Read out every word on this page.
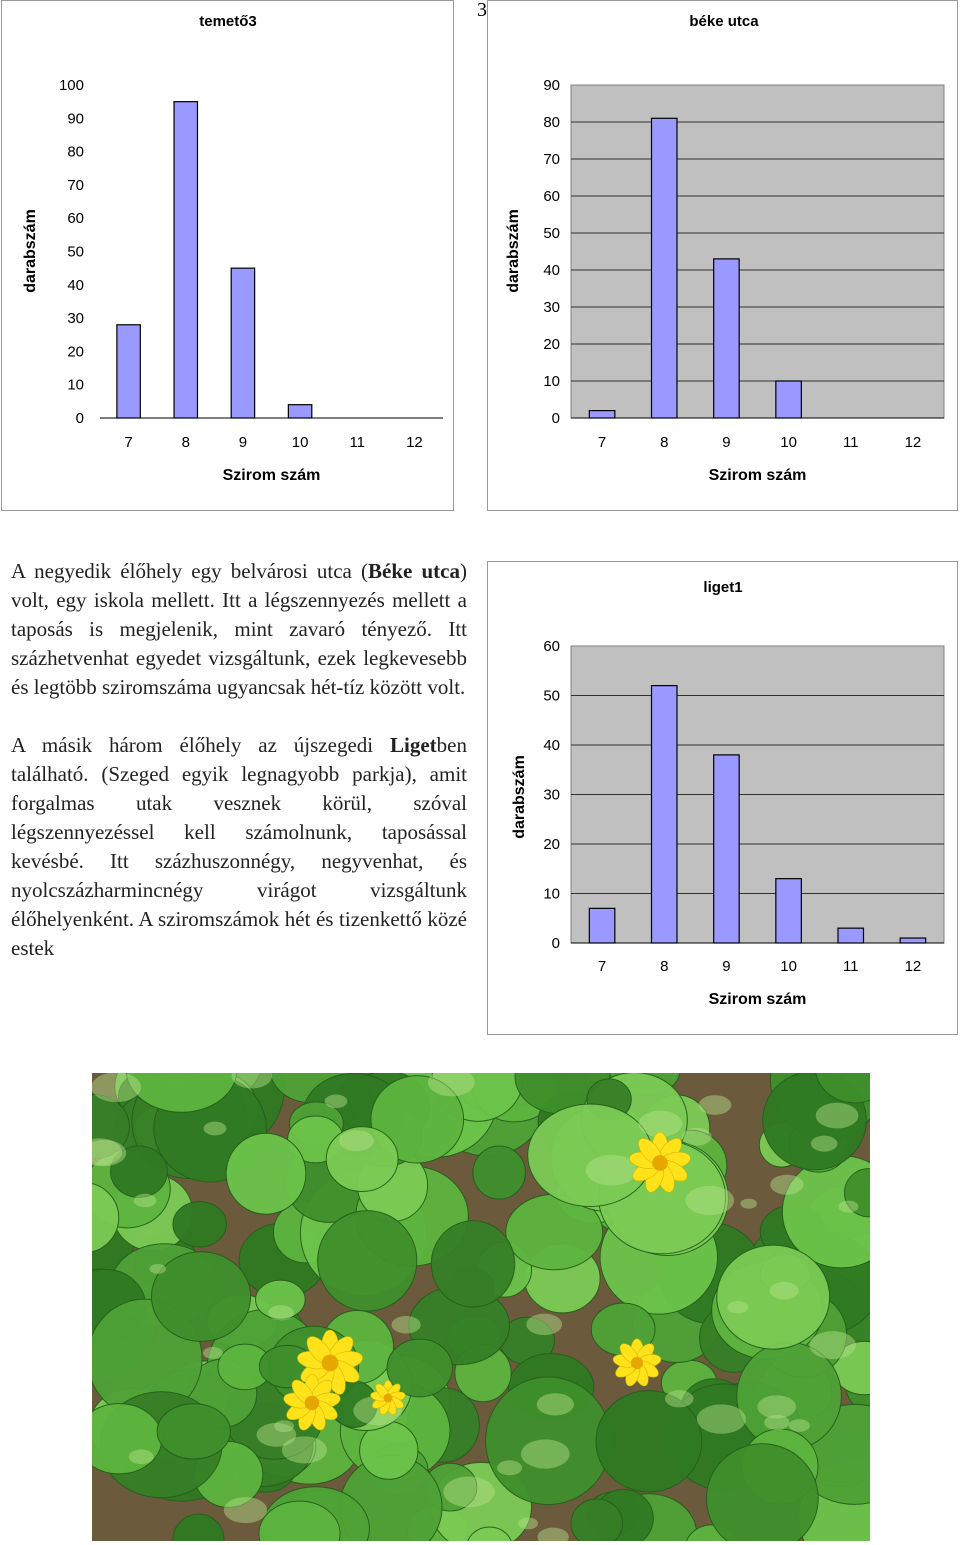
3
0
10
20
30
40
50
60
70
80
90
100
7	8	9	10	11	12
temető3
Szirom szám
darabszám
0
10
20
30
40
50
60
70
80
90
7	8	9	10	11	12
béke utca
Szirom szám
darabszám

A negyedik élőhely egy belvárosi utca (Béke utca) volt, egy iskola mellett. Itt a légszennyezés mellett a taposás is megjelenik, mint zavaró tényező. Itt százhetvenhat egyedet vizsgáltunk, ezek legkevesebb és legtöbb sziromszáma ugyancsak hét-tíz között volt.

A másik három élőhely az újszegedi Ligetben található. (Szeged egyik legnagyobb parkja), amit forgalmas utak vesznek körül, szóval légszennyezéssel kell számolnunk, taposással kevésbé. Itt százhuszonnégy, negyvenhat, és nyolcszázharmincnégy virágot vizsgáltunk élőhelyenként. A sziromszámok hét és tizenkettő közé estek	0
10
20
30
40
50
60
7	8	9	10	11	12
liget1
Szirom szám
darabszám
